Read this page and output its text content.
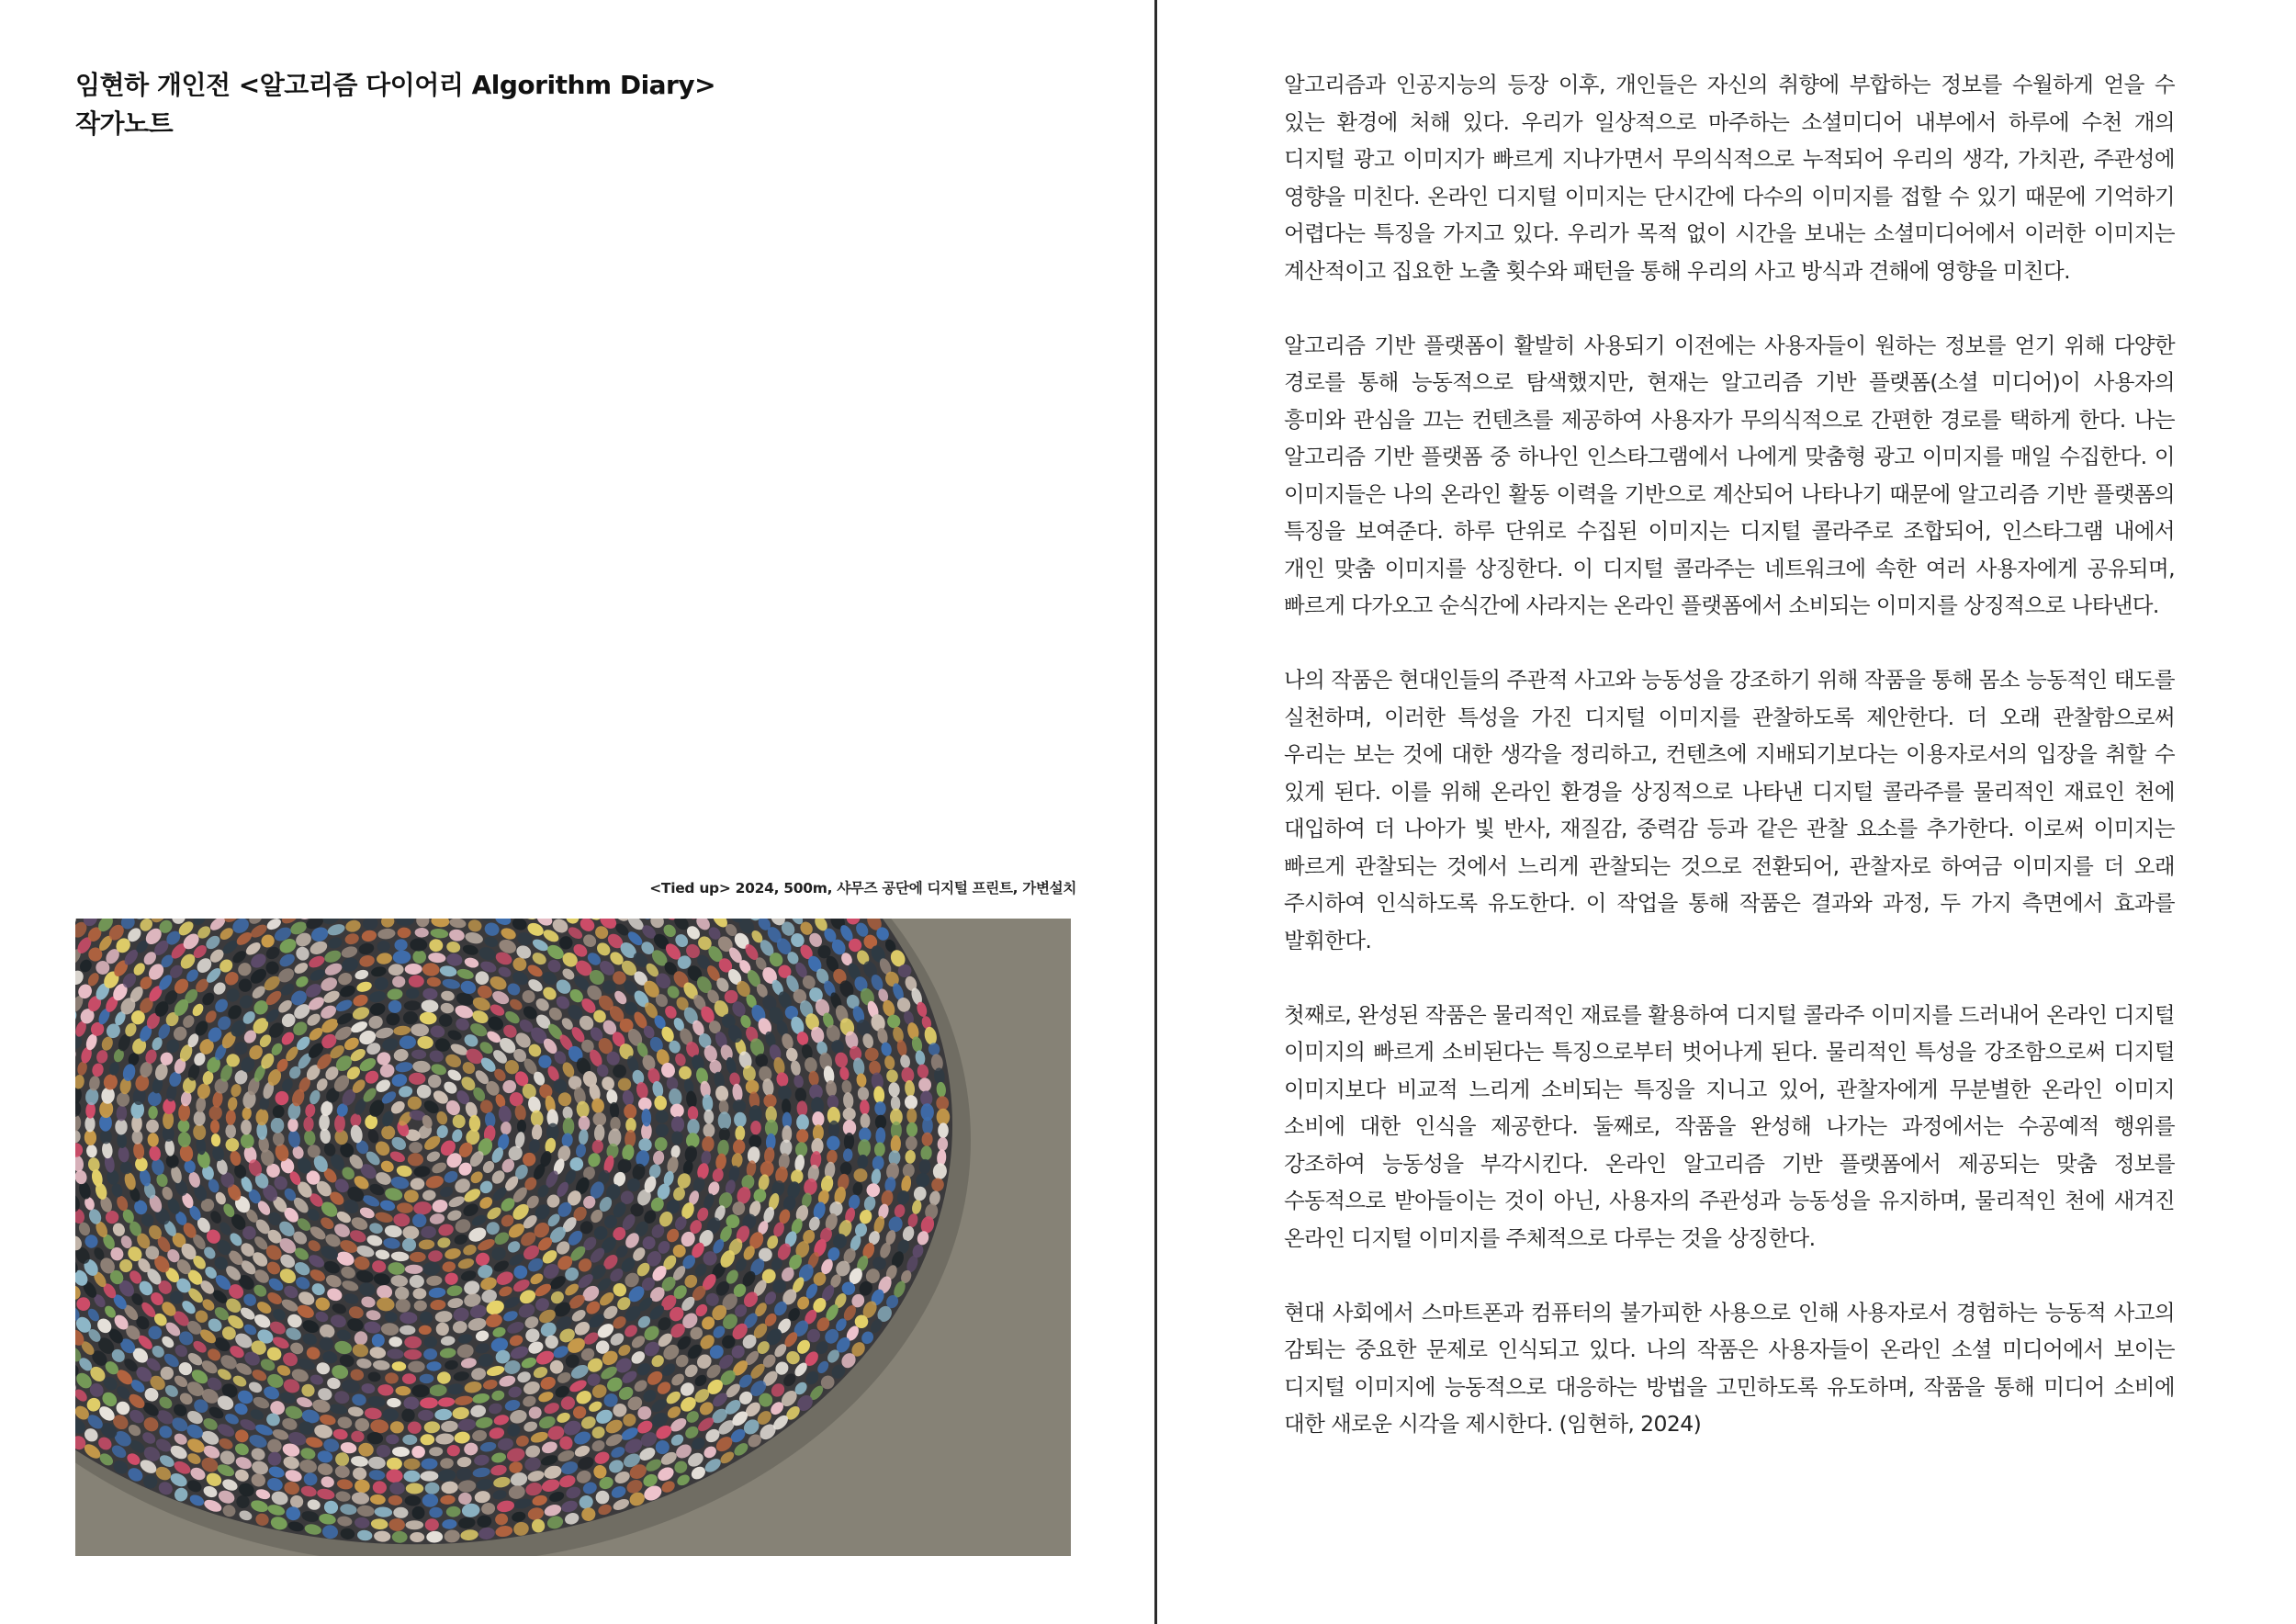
임현하 개인전 <알고리즘 다이어리 Algorithm Diary>
작가노트
<Tied up> 2024, 500m, 샤무즈 공단에 디지털 프린트, 가변설치

알고리즘과 인공지능의 등장 이후, 개인들은 자신의 취향에 부합하는 정보를 수월하게 얻을 수 있는 환경에 처해 있다. 우리가 일상적으로 마주하는 소셜미디어 내부에서 하루에 수천 개의 디지털 광고 이미지가 빠르게 지나가면서 무의식적으로 누적되어 우리의 생각, 가치관, 주관성에 영향을 미친다. 온라인 디지털 이미지는 단시간에 다수의 이미지를 접할 수 있기 때문에 기억하기 어렵다는 특징을 가지고 있다. 우리가 목적 없이 시간을 보내는 소셜미디어에서 이러한 이미지는 계산적이고 집요한 노출 횟수와 패턴을 통해 우리의 사고 방식과 견해에 영향을 미친다.

알고리즘 기반 플랫폼이 활발히 사용되기 이전에는 사용자들이 원하는 정보를 얻기 위해 다양한 경로를 통해 능동적으로 탐색했지만, 현재는 알고리즘 기반 플랫폼(소셜 미디어)이 사용자의 흥미와 관심을 끄는 컨텐츠를 제공하여 사용자가 무의식적으로 간편한 경로를 택하게 한다. 나는 알고리즘 기반 플랫폼 중 하나인 인스타그램에서 나에게 맞춤형 광고 이미지를 매일 수집한다. 이 이미지들은 나의 온라인 활동 이력을 기반으로 계산되어 나타나기 때문에 알고리즘 기반 플랫폼의 특징을 보여준다. 하루 단위로 수집된 이미지는 디지털 콜라주로 조합되어, 인스타그램 내에서 개인 맞춤 이미지를 상징한다. 이 디지털 콜라주는 네트워크에 속한 여러 사용자에게 공유되며, 빠르게 다가오고 순식간에 사라지는 온라인 플랫폼에서 소비되는 이미지를 상징적으로 나타낸다.

나의 작품은 현대인들의 주관적 사고와 능동성을 강조하기 위해 작품을 통해 몸소 능동적인 태도를 실천하며, 이러한 특성을 가진 디지털 이미지를 관찰하도록 제안한다. 더 오래 관찰함으로써 우리는 보는 것에 대한 생각을 정리하고, 컨텐츠에 지배되기보다는 이용자로서의 입장을 취할 수 있게 된다. 이를 위해 온라인 환경을 상징적으로 나타낸 디지털 콜라주를 물리적인 재료인 천에 대입하여 더 나아가 빛 반사, 재질감, 중력감 등과 같은 관찰 요소를 추가한다. 이로써 이미지는 빠르게 관찰되는 것에서 느리게 관찰되는 것으로 전환되어, 관찰자로 하여금 이미지를 더 오래 주시하여 인식하도록 유도한다. 이 작업을 통해 작품은 결과와 과정, 두 가지 측면에서 효과를 발휘한다.

첫째로, 완성된 작품은 물리적인 재료를 활용하여 디지털 콜라주 이미지를 드러내어 온라인 디지털 이미지의 빠르게 소비된다는 특징으로부터 벗어나게 된다. 물리적인 특성을 강조함으로써 디지털 이미지보다 비교적 느리게 소비되는 특징을 지니고 있어, 관찰자에게 무분별한 온라인 이미지 소비에 대한 인식을 제공한다. 둘째로, 작품을 완성해 나가는 과정에서는 수공예적 행위를 강조하여 능동성을 부각시킨다. 온라인 알고리즘 기반 플랫폼에서 제공되는 맞춤 정보를 수동적으로 받아들이는 것이 아닌, 사용자의 주관성과 능동성을 유지하며, 물리적인 천에 새겨진 온라인 디지털 이미지를 주체적으로 다루는 것을 상징한다.

현대 사회에서 스마트폰과 컴퓨터의 불가피한 사용으로 인해 사용자로서 경험하는 능동적 사고의 감퇴는 중요한 문제로 인식되고 있다. 나의 작품은 사용자들이 온라인 소셜 미디어에서 보이는 디지털 이미지에 능동적으로 대응하는 방법을 고민하도록 유도하며, 작품을 통해 미디어 소비에 대한 새로운 시각을 제시한다. (임현하, 2024)
